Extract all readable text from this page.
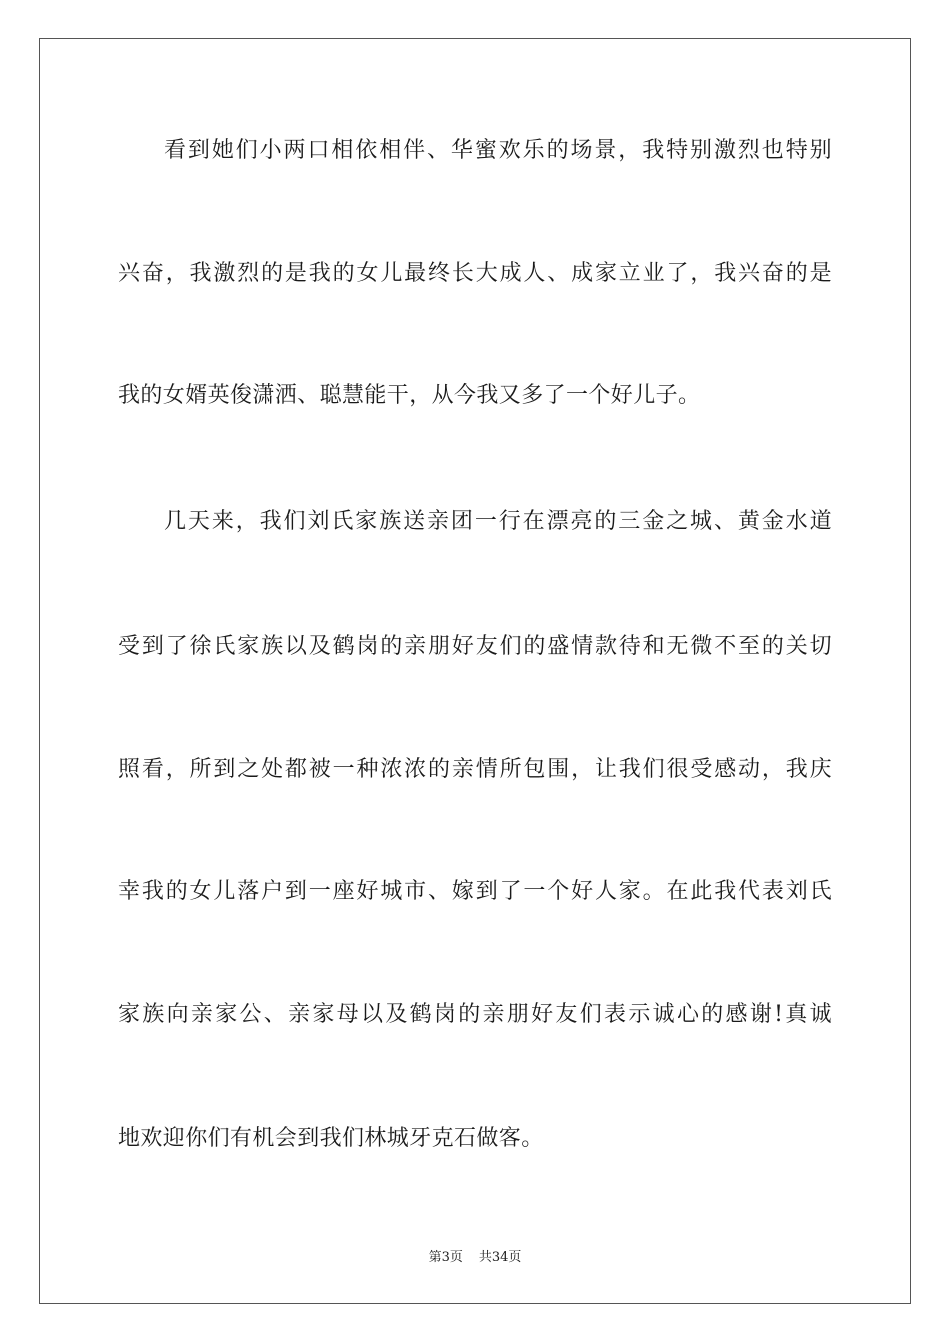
看到她们小两口相依相伴、华蜜欢乐的场景，我特别激烈也特别
兴奋，我激烈的是我的女儿最终长大成人、成家立业了，我兴奋的是
我的女婿英俊潇洒、聪慧能干，从今我又多了一个好儿子。
几天来，我们刘氏家族送亲团一行在漂亮的三金之城、黄金水道
受到了徐氏家族以及鹤岗的亲朋好友们的盛情款待和无微不至的关切
照看，所到之处都被一种浓浓的亲情所包围，让我们很受感动，我庆
幸我的女儿落户到一座好城市、嫁到了一个好人家。在此我代表刘氏
家族向亲家公、亲家母以及鹤岗的亲朋好友们表示诚心的感谢!真诚
地欢迎你们有机会到我们林城牙克石做客。
第3页 共34页
